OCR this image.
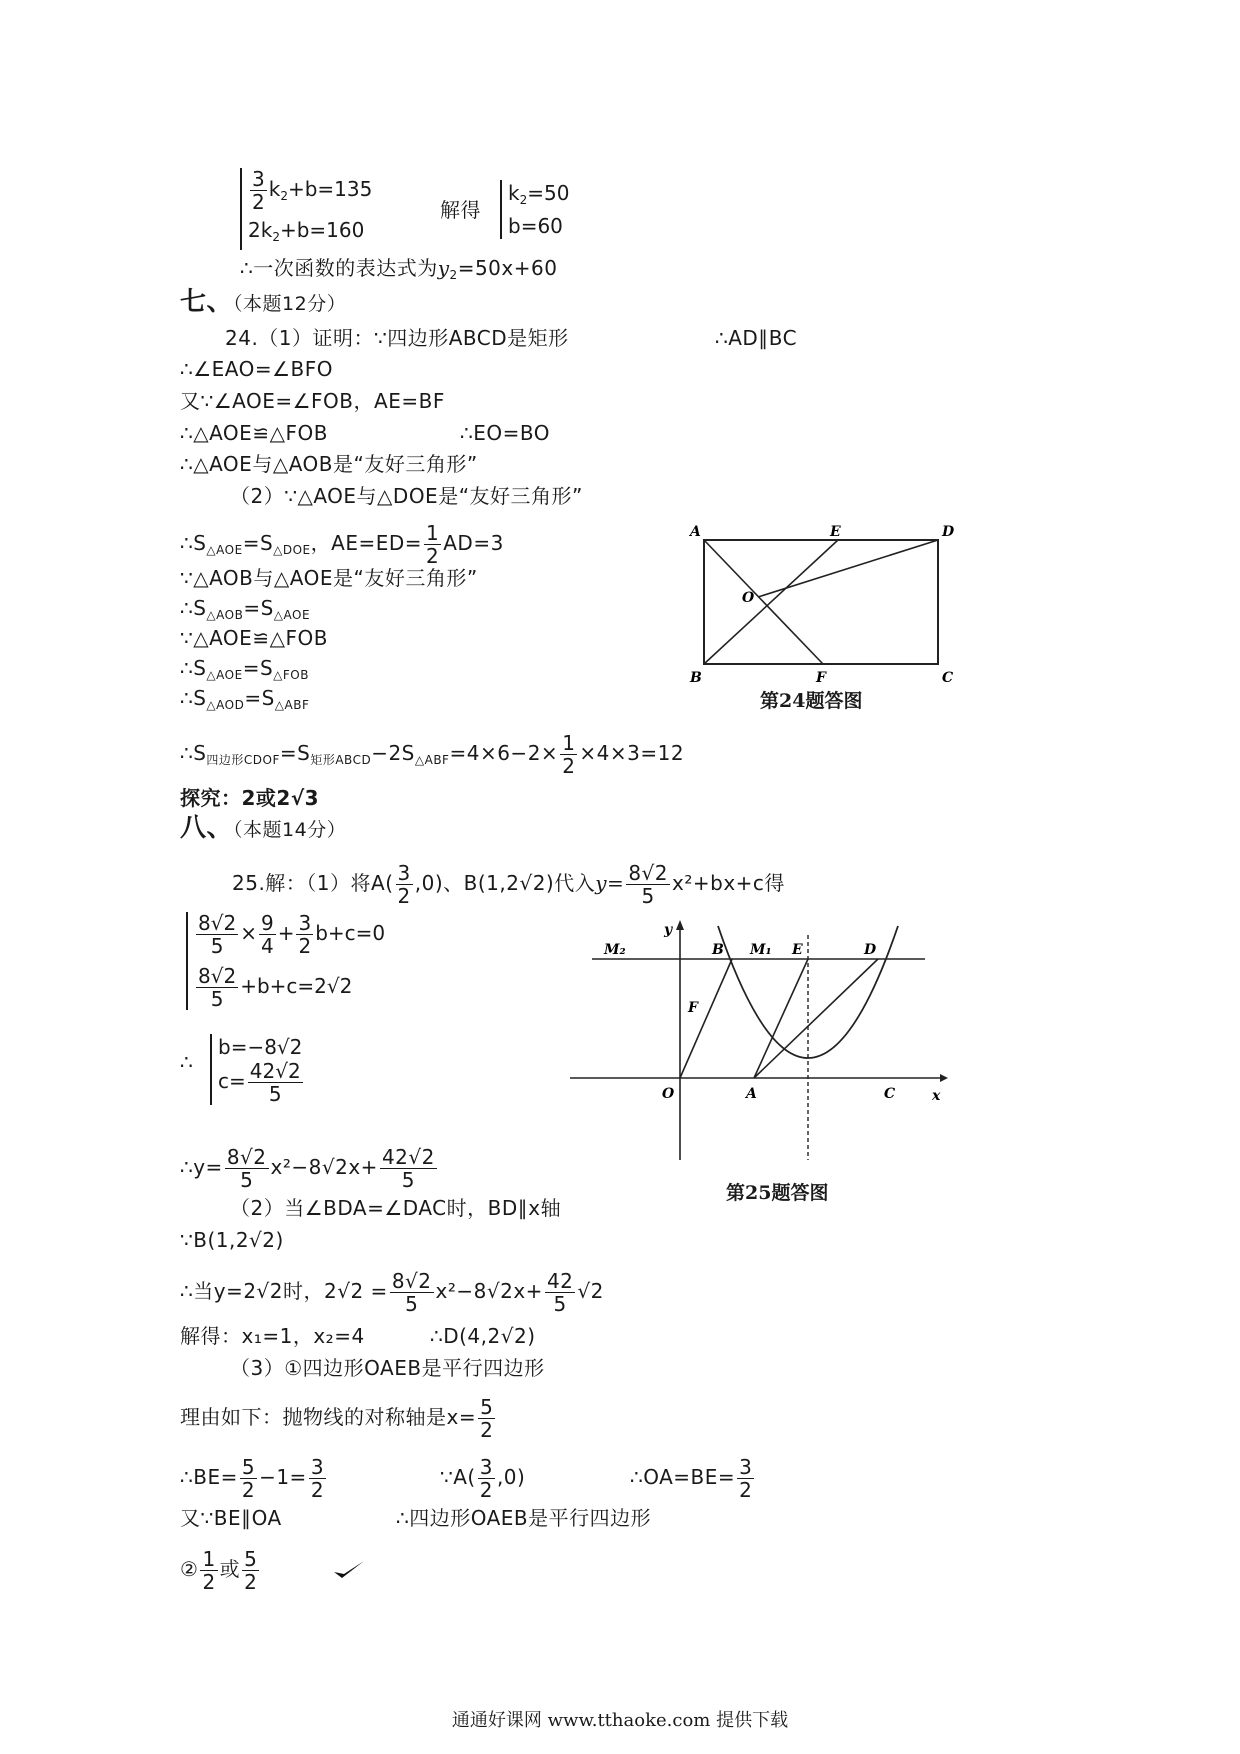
$\frac{3}{2} k_2+b=135$
$2k_2+b=160$
解得
$k_2=50$
b=60
∴一次函数的表达式为$y_2=50x+60$
七、（本题12分）
24.（1）证明：∵四边形ABCD是矩形	∴AD∥BC
∴∠EAO=∠BFO
又∵∠AOE=∠FOB，AE=BF
∴△AOE≌△FOB	∴EO=BO
∴△AOE与△AOB是“友好三角形”
（2）∵△AOE与△DOE是“友好三角形”
$\therefore S_{\triangle AOE}=S_{\triangle DOE}$，$AE=ED= \frac{1}{2} AD=3$
∵△AOB与△AOE是“友好三角形”
$\therefore S_{\triangle AOB}=S_{\triangle AOE}$
∵△AOE≌△FOB
$\therefore S_{\triangle AOE}=S_{\triangle FOB}$
$\therefore S_{\triangle AOD}=S_{\triangle ABF}$
$\therefore S_{四边形CDOF}=S_{矩形ABCD}-2S_{\triangle ABF}=4\times 6-2\times \frac{1}{2} \times 4\times 3=12$
探究：2或2√3
A	E	D
O
B	F	C
第24题答图
八、（本题14分）
25.解：（1）将$A( \frac{3}{2} ,0)$、B(1,2√2)代入$y= \frac{8√2}{5} x^2+bx+c$得
$\frac{8√2}{5} \times \frac{9}{4} + \frac{3}{2} b+c=0$
$\frac{8√2}{5} +b+c=2√2$
∴
b=−8√2
$c= \frac{42√2}{5}$
∴y= $\frac{8√2}{5} x^2-8√2x+ \frac{42√2}{5}$
（2）当∠BDA=∠DAC时，BD∥x轴
∵B(1,2√2)
∴当y=2√2时，$2√2 = \frac{8√2}{5} x^2-8√2x+ \frac{42}{5} √2$
解得：x₁=1，x₂=4	∴D(4,2√2)
（3）①四边形OAEB是平行四边形
理由如下：抛物线的对称轴是$x= \frac{5}{2}$
∴BE= $\frac{5}{2} -1= \frac{3}{2}$	∵A( $\frac{3}{2} ,0$)	∴OA=BE= $\frac{3}{2}$
又∵BE∥OA	∴四边形OAEB是平行四边形
② $\frac{1}{2}$ 或 $\frac{5}{2}$
y
M₂	B M₁ E	D
F
O	A	C	x
第25题答图
通通好课网 www.tthaoke.com 提供下载
